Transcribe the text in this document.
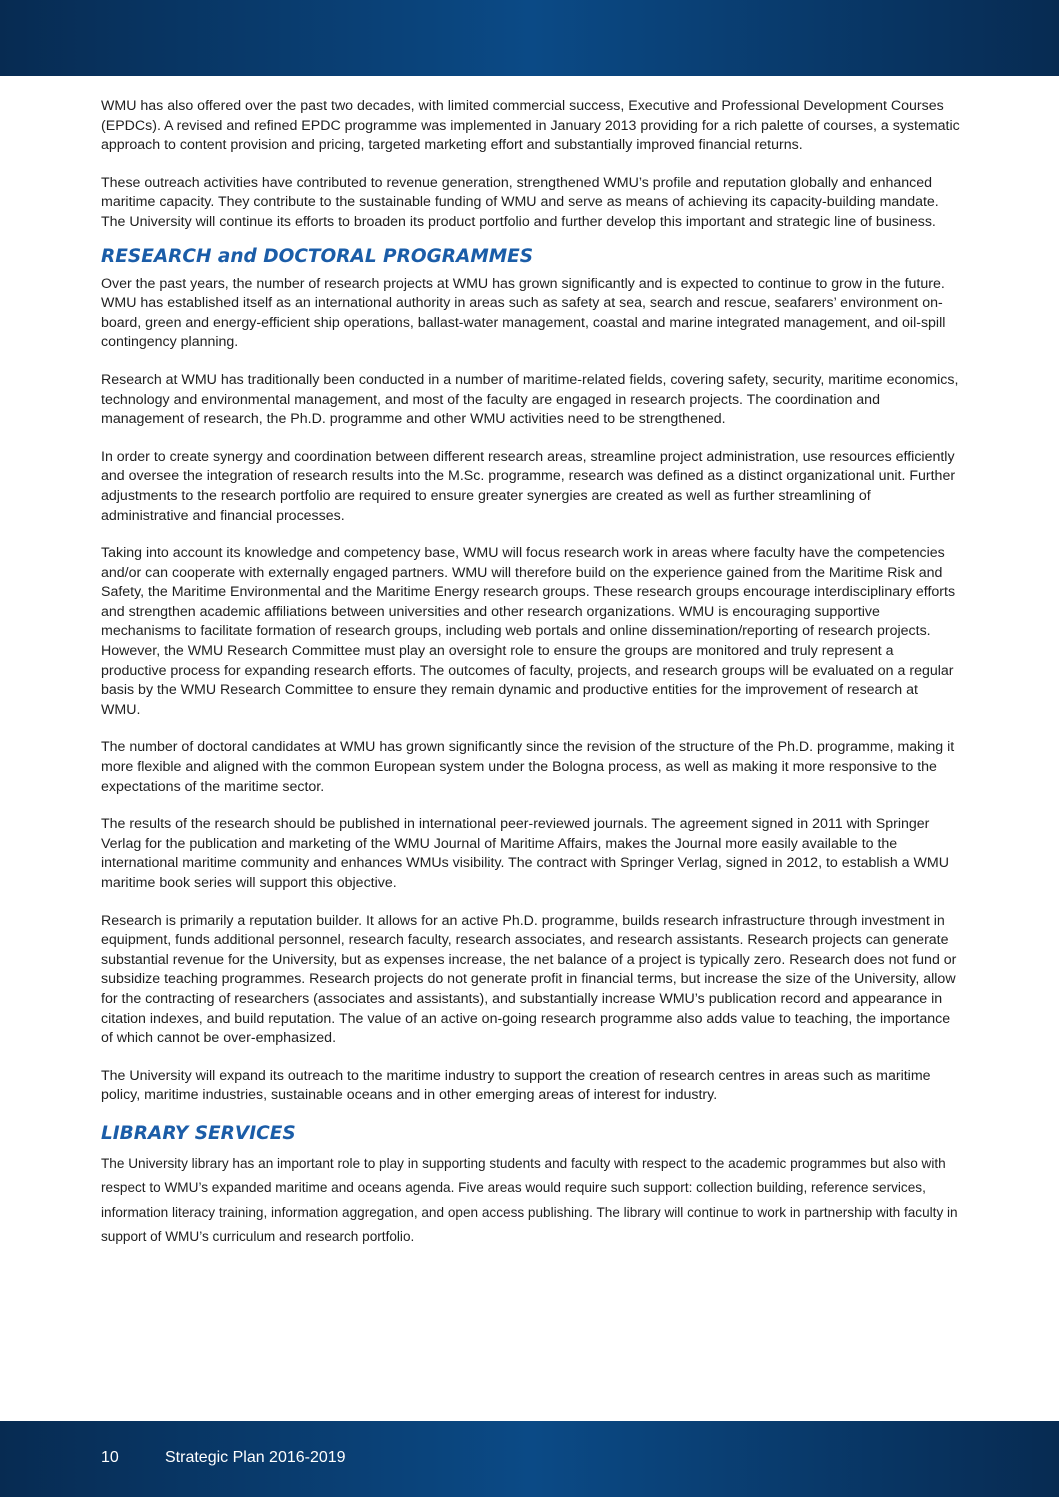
WMU has also offered over the past two decades, with limited commercial success, Executive and Professional Development Courses (EPDCs). A revised and refined EPDC programme was implemented in January 2013 providing for a rich palette of courses, a systematic approach to content provision and pricing, targeted marketing effort and substantially improved financial returns.

These outreach activities have contributed to revenue generation, strengthened WMU’s profile and reputation globally and enhanced maritime capacity. They contribute to the sustainable funding of WMU and serve as means of achieving its capacity-building mandate. The University will continue its efforts to broaden its product portfolio and further develop this important and strategic line of business.

RESEARCH and DOCTORAL PROGRAMMES

Over the past years, the number of research projects at WMU has grown significantly and is expected to continue to grow in the future. WMU has established itself as an international authority in areas such as safety at sea, search and rescue, seafarers’ environment on-board, green and energy-efficient ship operations, ballast-water management, coastal and marine integrated management, and oil-spill contingency planning.

Research at WMU has traditionally been conducted in a number of maritime-related fields, covering safety, security, maritime economics, technology and environmental management, and most of the faculty are engaged in research projects. The coordination and management of research, the Ph.D. programme and other WMU activities need to be strengthened.

In order to create synergy and coordination between different research areas, streamline project administration, use resources efficiently and oversee the integration of research results into the M.Sc. programme, research was defined as a distinct organizational unit. Further adjustments to the research portfolio are required to ensure greater synergies are created as well as further streamlining of administrative and financial processes.

Taking into account its knowledge and competency base, WMU will focus research work in areas where faculty have the competencies and/or can cooperate with externally engaged partners. WMU will therefore build on the experience gained from the Maritime Risk and Safety, the Maritime Environmental and the Maritime Energy research groups. These research groups encourage interdisciplinary efforts and strengthen academic affiliations between universities and other research organizations. WMU is encouraging supportive mechanisms to facilitate formation of research groups, including web portals and online dissemination/reporting of research projects. However, the WMU Research Committee must play an oversight role to ensure the groups are monitored and truly represent a productive process for expanding research efforts. The outcomes of faculty, projects, and research groups will be evaluated on a regular basis by the WMU Research Committee to ensure they remain dynamic and productive entities for the improvement of research at WMU.

The number of doctoral candidates at WMU has grown significantly since the revision of the structure of the Ph.D. programme, making it more flexible and aligned with the common European system under the Bologna process, as well as making it more responsive to the expectations of the maritime sector.

The results of the research should be published in international peer-reviewed journals. The agreement signed in 2011 with Springer Verlag for the publication and marketing of the WMU Journal of Maritime Affairs, makes the Journal more easily available to the international maritime community and enhances WMUs visibility. The contract with Springer Verlag, signed in 2012, to establish a WMU maritime book series will support this objective.

Research is primarily a reputation builder. It allows for an active Ph.D. programme, builds research infrastructure through investment in equipment, funds additional personnel, research faculty, research associates, and research assistants. Research projects can generate substantial revenue for the University, but as expenses increase, the net balance of a project is typically zero. Research does not fund or subsidize teaching programmes. Research projects do not generate profit in financial terms, but increase the size of the University, allow for the contracting of researchers (associates and assistants), and substantially increase WMU’s publication record and appearance in citation indexes, and build reputation. The value of an active on-going research programme also adds value to teaching, the importance of which cannot be over-emphasized.

The University will expand its outreach to the maritime industry to support the creation of research centres in areas such as maritime policy, maritime industries, sustainable oceans and in other emerging areas of interest for industry.

LIBRARY SERVICES

The University library has an important role to play in supporting students and faculty with respect to the academic programmes but also with respect to WMU’s expanded maritime and oceans agenda. Five areas would require such support: collection building, reference services, information literacy training, information aggregation, and open access publishing. The library will continue to work in partnership with faculty in support of WMU’s curriculum and research portfolio.

10	Strategic Plan 2016-2019
